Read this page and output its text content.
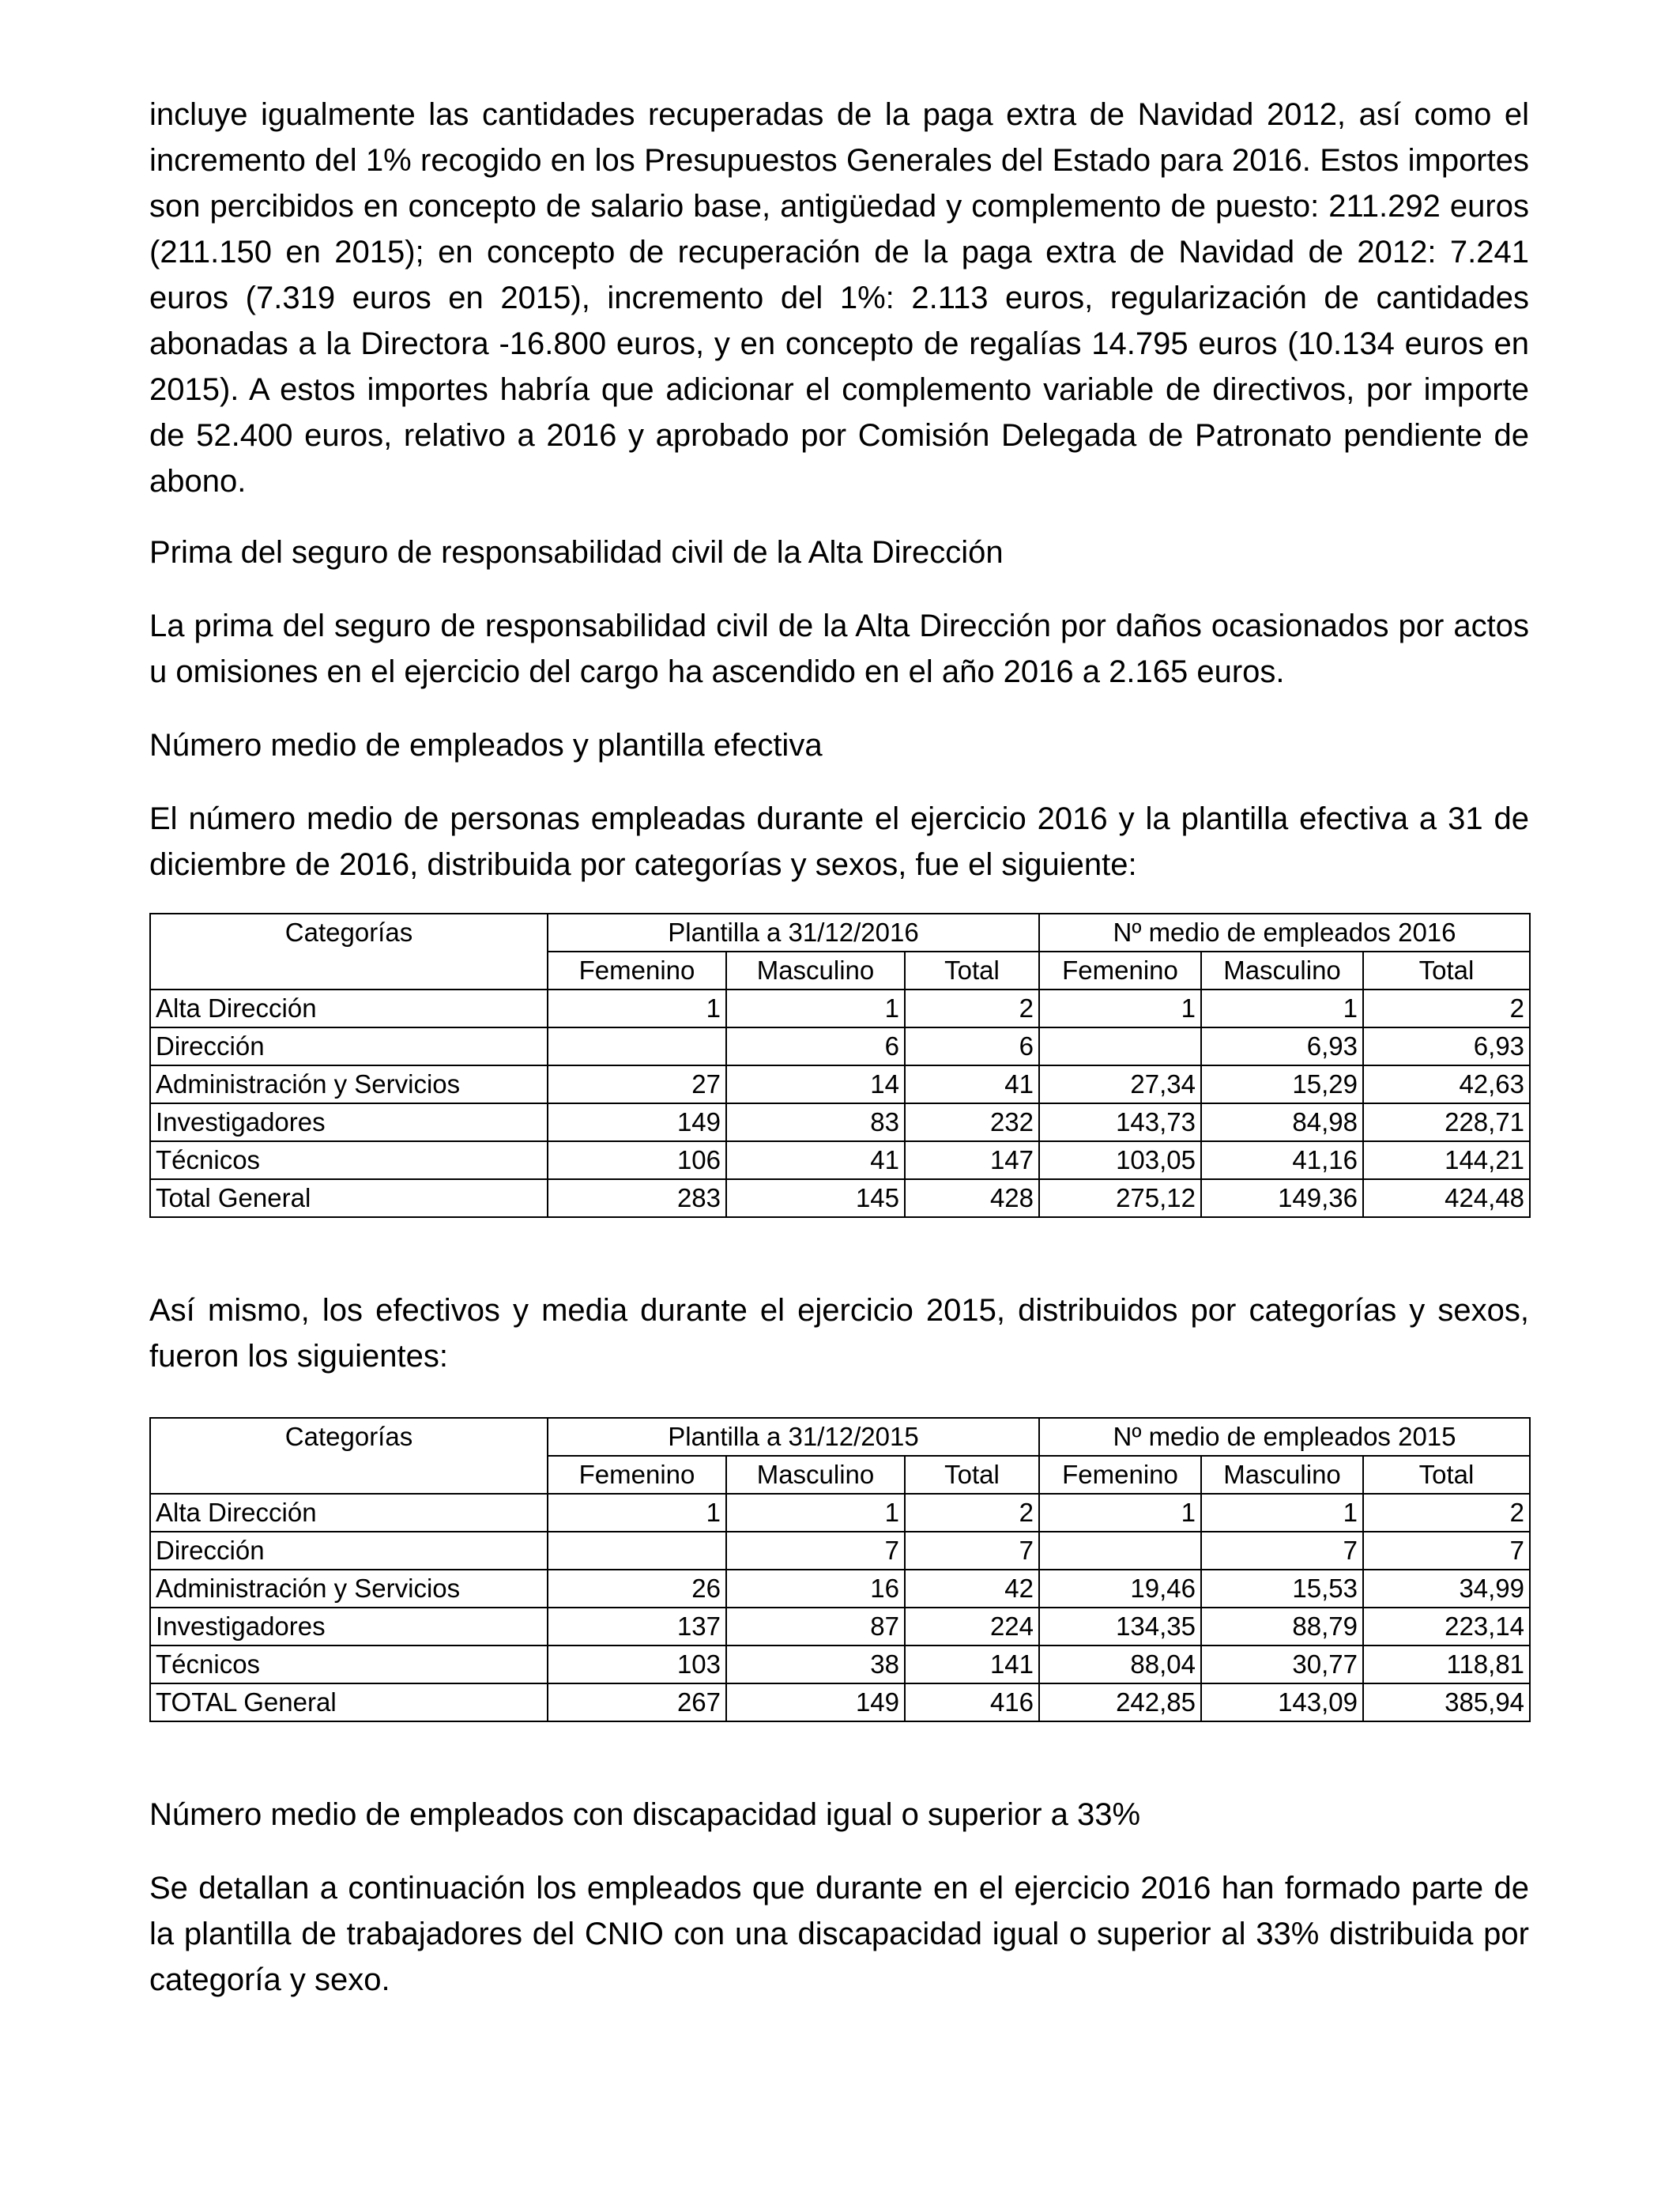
incluye igualmente las cantidades recuperadas de la paga extra de Navidad 2012, así como el incremento del 1% recogido en los Presupuestos Generales del Estado para 2016. Estos importes son percibidos en concepto de salario base, antigüedad y complemento de puesto: 211.292 euros (211.150 en 2015); en concepto de recuperación de la paga extra de Navidad de 2012: 7.241 euros (7.319 euros en 2015), incremento del 1%: 2.113 euros, regularización de cantidades abonadas a la Directora -16.800 euros, y en concepto de regalías 14.795 euros (10.134 euros en 2015). A estos importes habría que adicionar el complemento variable de directivos, por importe de 52.400 euros, relativo a 2016 y aprobado por Comisión Delegada de Patronato pendiente de abono.

Prima del seguro de responsabilidad civil de la Alta Dirección

La prima del seguro de responsabilidad civil de la Alta Dirección por daños ocasionados por actos u omisiones en el ejercicio del cargo ha ascendido en el año 2016 a 2.165 euros.

Número medio de empleados y plantilla efectiva

El número medio de personas empleadas durante el ejercicio 2016 y la plantilla efectiva a 31 de diciembre de 2016, distribuida por categorías y sexos, fue el siguiente:

Categorías	Plantilla a 31/12/2016			Nº medio de empleados 2016		
	Femenino	Masculino	Total	Femenino	Masculino	Total
Alta Dirección	1	1	2	1	1	2
Dirección		6	6		6,93	6,93
Administración y Servicios	27	14	41	27,34	15,29	42,63
Investigadores	149	83	232	143,73	84,98	228,71
Técnicos	106	41	147	103,05	41,16	144,21
Total General	283	145	428	275,12	149,36	424,48

Así mismo, los efectivos y media durante el ejercicio 2015, distribuidos por categorías y sexos, fueron los siguientes:

Categorías	Plantilla a 31/12/2015			Nº medio de empleados 2015		
	Femenino	Masculino	Total	Femenino	Masculino	Total
Alta Dirección	1	1	2	1	1	2
Dirección		7	7		7	7
Administración y Servicios	26	16	42	19,46	15,53	34,99
Investigadores	137	87	224	134,35	88,79	223,14
Técnicos	103	38	141	88,04	30,77	118,81
TOTAL General	267	149	416	242,85	143,09	385,94

Número medio de empleados con discapacidad igual o superior a 33%

Se detallan a continuación los empleados que durante en el ejercicio 2016 han formado parte de la plantilla de trabajadores del CNIO con una discapacidad igual o superior al 33% distribuida por categoría y sexo.
